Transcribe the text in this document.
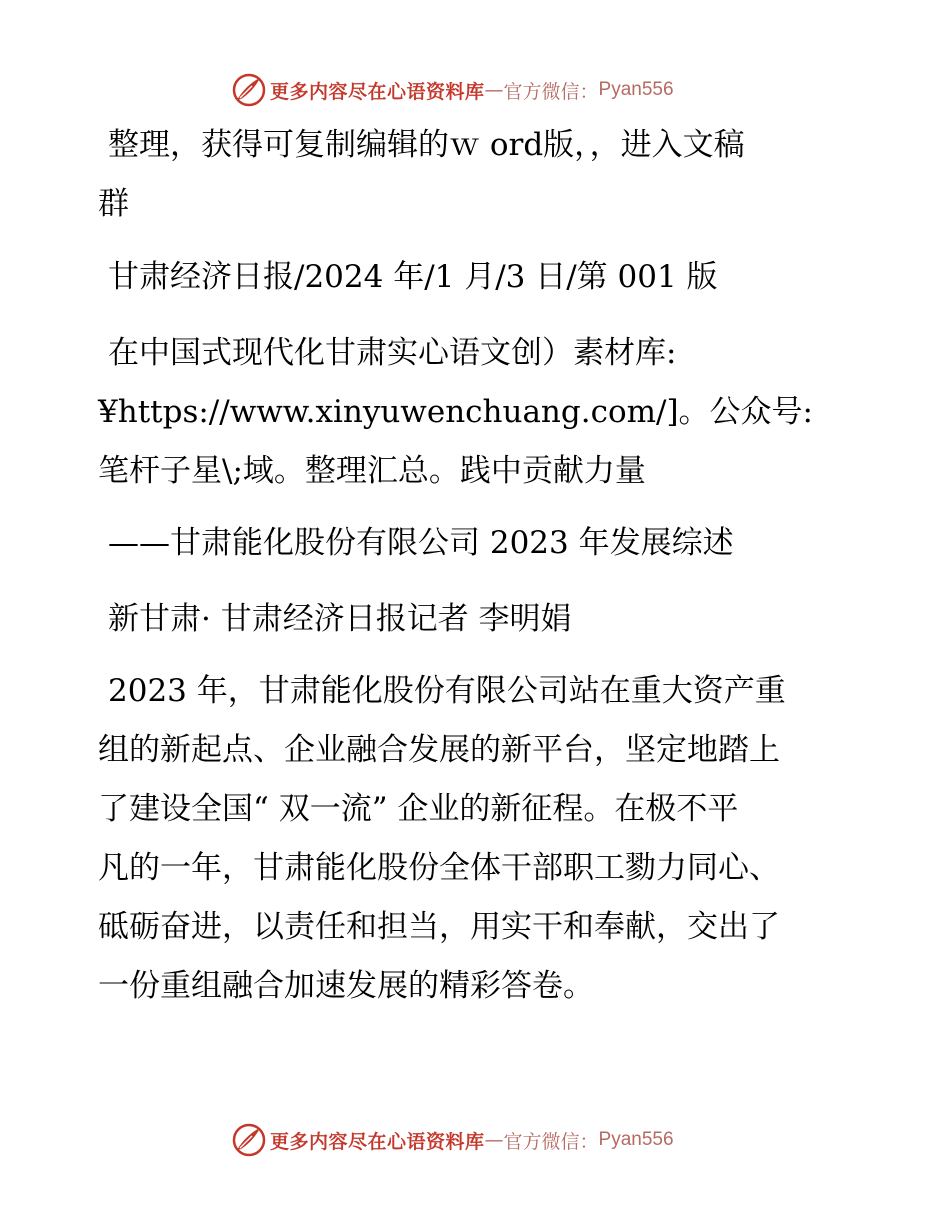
更多内容尽在心语资料库 — 官方微信： Pyan556
整理，获得可复制编辑的ｗ ord版，，进入文稿
群
甘肃经济日报/2024 年/1 月/3 日/第 001 版
在中国式现代化甘肃实心语文创）素材库:
¥https://www.xinyuwenchuang.com/]。公众号:
笔杆子星\;域。整理汇总。践中贡献力量
——甘肃能化股份有限公司 2023 年发展综述
新甘肃· 甘肃经济日报记者 李明娟
2023 年，甘肃能化股份有限公司站在重大资产重
组的新起点、企业融合发展的新平台，坚定地踏上
了建设全国“ 双一流” 企业的新征程。在极不平
凡的一年，甘肃能化股份全体干部职工勠力同心、
砥砺奋进，以责任和担当，用实干和奉献，交出了
一份重组融合加速发展的精彩答卷。
更多内容尽在心语资料库 — 官方微信： Pyan556
